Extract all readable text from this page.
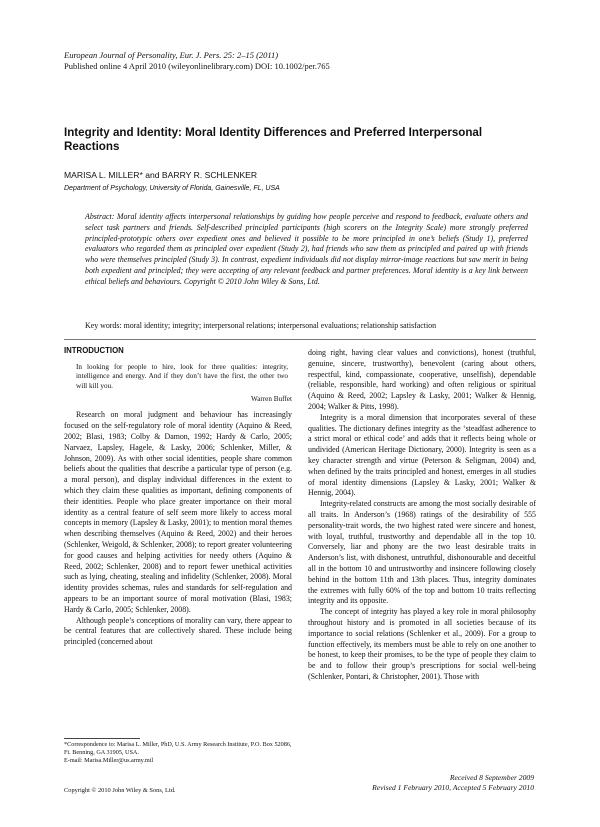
European Journal of Personality, Eur. J. Pers. 25: 2–15 (2011)
Published online 4 April 2010 (wileyonlinelibrary.com) DOI: 10.1002/per.765
Integrity and Identity: Moral Identity Differences and Preferred Interpersonal Reactions
MARISA L. MILLER* and BARRY R. SCHLENKER
Department of Psychology, University of Florida, Gainesville, FL, USA
Abstract: Moral identity affects interpersonal relationships by guiding how people perceive and respond to feedback, evaluate others and select task partners and friends. Self-described principled participants (high scorers on the Integrity Scale) more strongly preferred principled-prototypic others over expedient ones and believed it possible to be more principled in one’s beliefs (Study 1), preferred evaluators who regarded them as principled over expedient (Study 2), had friends who saw them as principled and paired up with friends who were themselves principled (Study 3). In contrast, expedient individuals did not display mirror-image reactions but saw merit in being both expedient and principled; they were accepting of any relevant feedback and partner preferences. Moral identity is a key link between ethical beliefs and behaviours. Copyright © 2010 John Wiley & Sons, Ltd.
Key words: moral identity; integrity; interpersonal relations; interpersonal evaluations; relationship satisfaction
INTRODUCTION
In looking for people to hire, look for three qualities: integrity, intelligence and energy. And if they don’t have the first, the other two will kill you.
Warren Buffet

Research on moral judgment and behaviour has increasingly focused on the self-regulatory role of moral identity (Aquino & Reed, 2002; Blasi, 1983; Colby & Damon, 1992; Hardy & Carlo, 2005; Narvaez, Lapsley, Hagele, & Lasky, 2006; Schlenker, Miller, & Johnson, 2009). As with other social identities, people share common beliefs about the qualities that describe a particular type of person (e.g. a moral person), and display individual differences in the extent to which they claim these qualities as important, defining components of their identities. People who place greater importance on their moral identity as a central feature of self seem more likely to access moral concepts in memory (Lapsley & Lasky, 2001); to mention moral themes when describing themselves (Aquino & Reed, 2002) and their heroes (Schlenker, Weigold, & Schlenker, 2008); to report greater volunteering for good causes and helping activities for needy others (Aquino & Reed, 2002; Schlenker, 2008) and to report fewer unethical activities such as lying, cheating, stealing and infidelity (Schlenker, 2008). Moral identity provides schemas, rules and standards for self-regulation and appears to be an important source of moral motivation (Blasi, 1983; Hardy & Carlo, 2005; Schlenker, 2008).

Although people’s conceptions of morality can vary, there appear to be central features that are collectively shared. These include being principled (concerned about

doing right, having clear values and convictions), honest (truthful, genuine, sincere, trustworthy), benevolent (caring about others, respectful, kind, compassionate, cooperative, unselfish), dependable (reliable, responsible, hard working) and often religious or spiritual (Aquino & Reed, 2002; Lapsley & Lasky, 2001; Walker & Hennig, 2004; Walker & Pitts, 1998).

Integrity is a moral dimension that incorporates several of these qualities. The dictionary defines integrity as the ‘steadfast adherence to a strict moral or ethical code’ and adds that it reflects being whole or undivided (American Heritage Dictionary, 2000). Integrity is seen as a key character strength and virtue (Peterson & Seligman, 2004) and, when defined by the traits principled and honest, emerges in all studies of moral identity dimensions (Lapsley & Lasky, 2001; Walker & Hennig, 2004).

Integrity-related constructs are among the most socially desirable of all traits. In Anderson’s (1968) ratings of the desirability of 555 personality-trait words, the two highest rated were sincere and honest, with loyal, truthful, trustworthy and dependable all in the top 10. Conversely, liar and phony are the two least desirable traits in Anderson’s list, with dishonest, untruthful, dishonourable and deceitful all in the bottom 10 and untrustworthy and insincere following closely behind in the bottom 11th and 13th places. Thus, integrity dominates the extremes with fully 60% of the top and bottom 10 traits reflecting integrity and its opposite.

The concept of integrity has played a key role in moral philosophy throughout history and is promoted in all societies because of its importance to social relations (Schlenker et al., 2009). For a group to function effectively, its members must be able to rely on one another to be honest, to keep their promises, to be the type of people they claim to be and to follow their group’s prescriptions for social well-being (Schlenker, Pontari, & Christopher, 2001). Those with

*Correspondence to: Marisa L. Miller, PhD, U.S. Army Research Institute, P.O. Box 52086, Ft. Benning, GA 31905, USA.
E-mail: Marisa.Miller@us.army.mil
Copyright © 2010 John Wiley & Sons, Ltd.
Received 8 September 2009
Revised 1 February 2010, Accepted 5 February 2010
